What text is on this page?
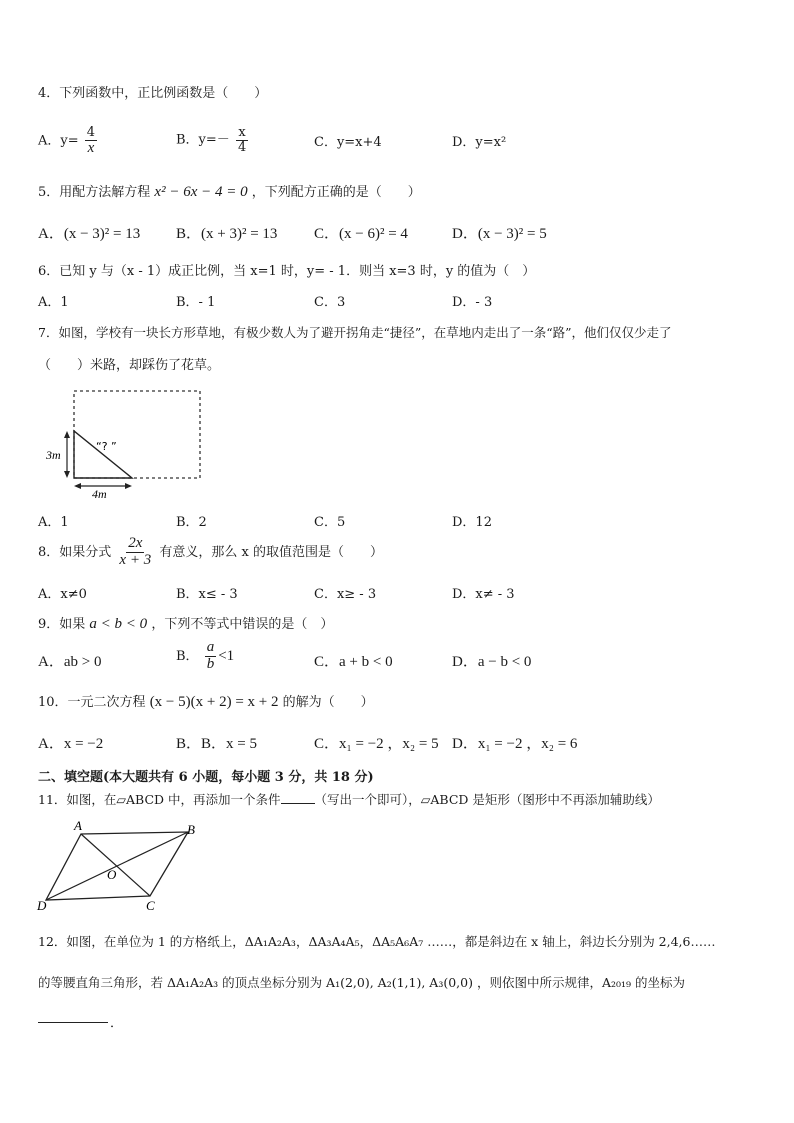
4．下列函数中，正比例函数是（　　）
A．$y= \frac{4}{x}$	B．$y=- \frac{x}{4}$	C．y=x+4	D．y=x²
5．用配方法解方程 x² − 6x − 4 = 0 ，下列配方正确的是（　　）
A．(x − 3)² = 13 B．(x + 3)² = 13 C．(x − 6)² = 4	D．(x − 3)² = 5
6．已知 y 与（x - 1）成正比例，当 x=1 时，y= - 1．则当 x=3 时，y 的值为（　）
A．1	B．- 1	C．3	D．- 3
7．如图，学校有一块长方形草地，有极少数人为了避开拐角走“捷径”，在草地内走出了一条“路”，他们仅仅少走了
（　　）米路，却踩伤了花草。
3m
4m
“? ”
A．1	B．2	C．5	D．12
8．如果分式 $\frac{2x}{x + 3}$ 有意义，那么 x 的取值范围是（　　）
A．x≠0	B．x≤ - 3	C．x≥ - 3	D．x≠ - 3
9．如果 a < b < 0 ，下列不等式中错误的是（　）
A．ab > 0	B． $\frac{a}{b} <1$	C．a + b < 0	D．a − b < 0
10．一元二次方程 (x − 5)(x + 2) = x + 2 的解为（　　）
A．x = −2	B．B．x = 5	C．x₁ = −2 ，x₂ = 5 D．x₁ = −2 ，x₂ = 6
二、填空题(本大题共有 6 小题，每小题 3 分，共 18 分)
11．如图，在▱ABCD 中，再添加一个条件	（写出一个即可），▱ABCD 是矩形（图形中不再添加辅助线）
A	B
C
D
O
12．如图，在单位为 1 的方格纸上，ΔA₁A₂A₃，ΔA₃A₄A₅，ΔA₅A₆A₇ ……，都是斜边在 x 轴上，斜边长分别为 2,4,6……
的等腰直角三角形，若 ΔA₁A₂A₃ 的顶点坐标分别为 A₁(2,0), A₂(1,1), A₃(0,0) ，则依图中所示规律，A₂₀₁₉ 的坐标为
．
